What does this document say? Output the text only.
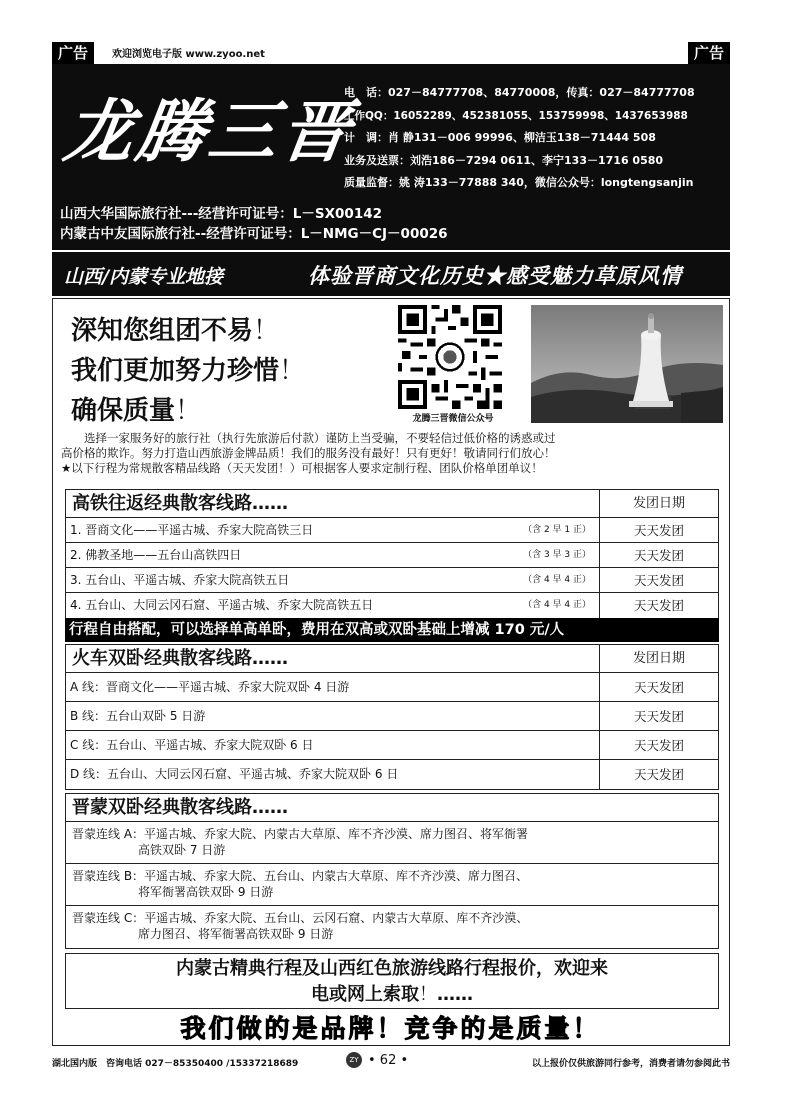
广告	欢迎浏览电子版 www.zyoo.net	广告
龙腾三晋
电　话：027－84777708、84770008，传真：027－84777708
工作QQ：16052289、452381055、153759998、1437653988
计　调：肖 静131－006 99996、柳洁玉138－71444 508
业务及送票：刘浩186－7294 0611、李宁133－1716 0580
质量监督：姚 涛133－77888 340，微信公众号：longtengsanjin
山西大华国际旅行社---经营许可证号：L－SX00142
内蒙古中友国际旅行社--经营许可证号：L－NMG－CJ－00026
山西/内蒙专业地接	体验晋商文化历史★感受魅力草原风情
深知您组团不易！
我们更加努力珍惜！
确保质量！	龙腾三晋微信公众号

　　选择一家服务好的旅行社（执行先旅游后付款）谨防上当受骗，不要轻信过低价格的诱惑或过

高价格的欺诈。努力打造山西旅游金牌品质！我们的服务没有最好！只有更好！敬请同行们放心！

★以下行程为常规散客精品线路（天天发团！）可根据客人要求定制行程、团队价格单团单议！

高铁往返经典散客线路……	发团日期
1. 晋商文化——平遥古城、乔家大院高铁三日	（含 2 早 1 正）	天天发团
2. 佛教圣地——五台山高铁四日	（含 3 早 3 正）	天天发团
3. 五台山、平遥古城、乔家大院高铁五日	（含 4 早 4 正）	天天发团
4. 五台山、大同云冈石窟、平遥古城、乔家大院高铁五日	（含 4 早 4 正）	天天发团
行程自由搭配，可以选择单高单卧，费用在双高或双卧基础上增减 170 元/人
火车双卧经典散客线路……	发团日期
A 线：晋商文化——平遥古城、乔家大院双卧 4 日游	天天发团
B 线：五台山双卧 5 日游	天天发团
C 线：五台山、平遥古城、乔家大院双卧 6 日	天天发团
D 线：五台山、大同云冈石窟、平遥古城、乔家大院双卧 6 日	天天发团
晋蒙双卧经典散客线路……
晋蒙连线 A：平遥古城、乔家大院、内蒙古大草原、库不齐沙漠、席力图召、将军衙署
高铁双卧 7 日游
晋蒙连线 B：平遥古城、乔家大院、五台山、内蒙古大草原、库不齐沙漠、席力图召、
将军衙署高铁双卧 9 日游
晋蒙连线 C：平遥古城、乔家大院、五台山、云冈石窟、内蒙古大草原、库不齐沙漠、
席力图召、将军衙署高铁双卧 9 日游
内蒙古精典行程及山西红色旅游线路行程报价，欢迎来
电或网上索取！……
我们做的是品牌！竞争的是质量！
湖北国内版　咨询电话 027－85350400 /15337218689	ZY • 62 •	以上报价仅供旅游同行参考，消费者请勿参阅此书
